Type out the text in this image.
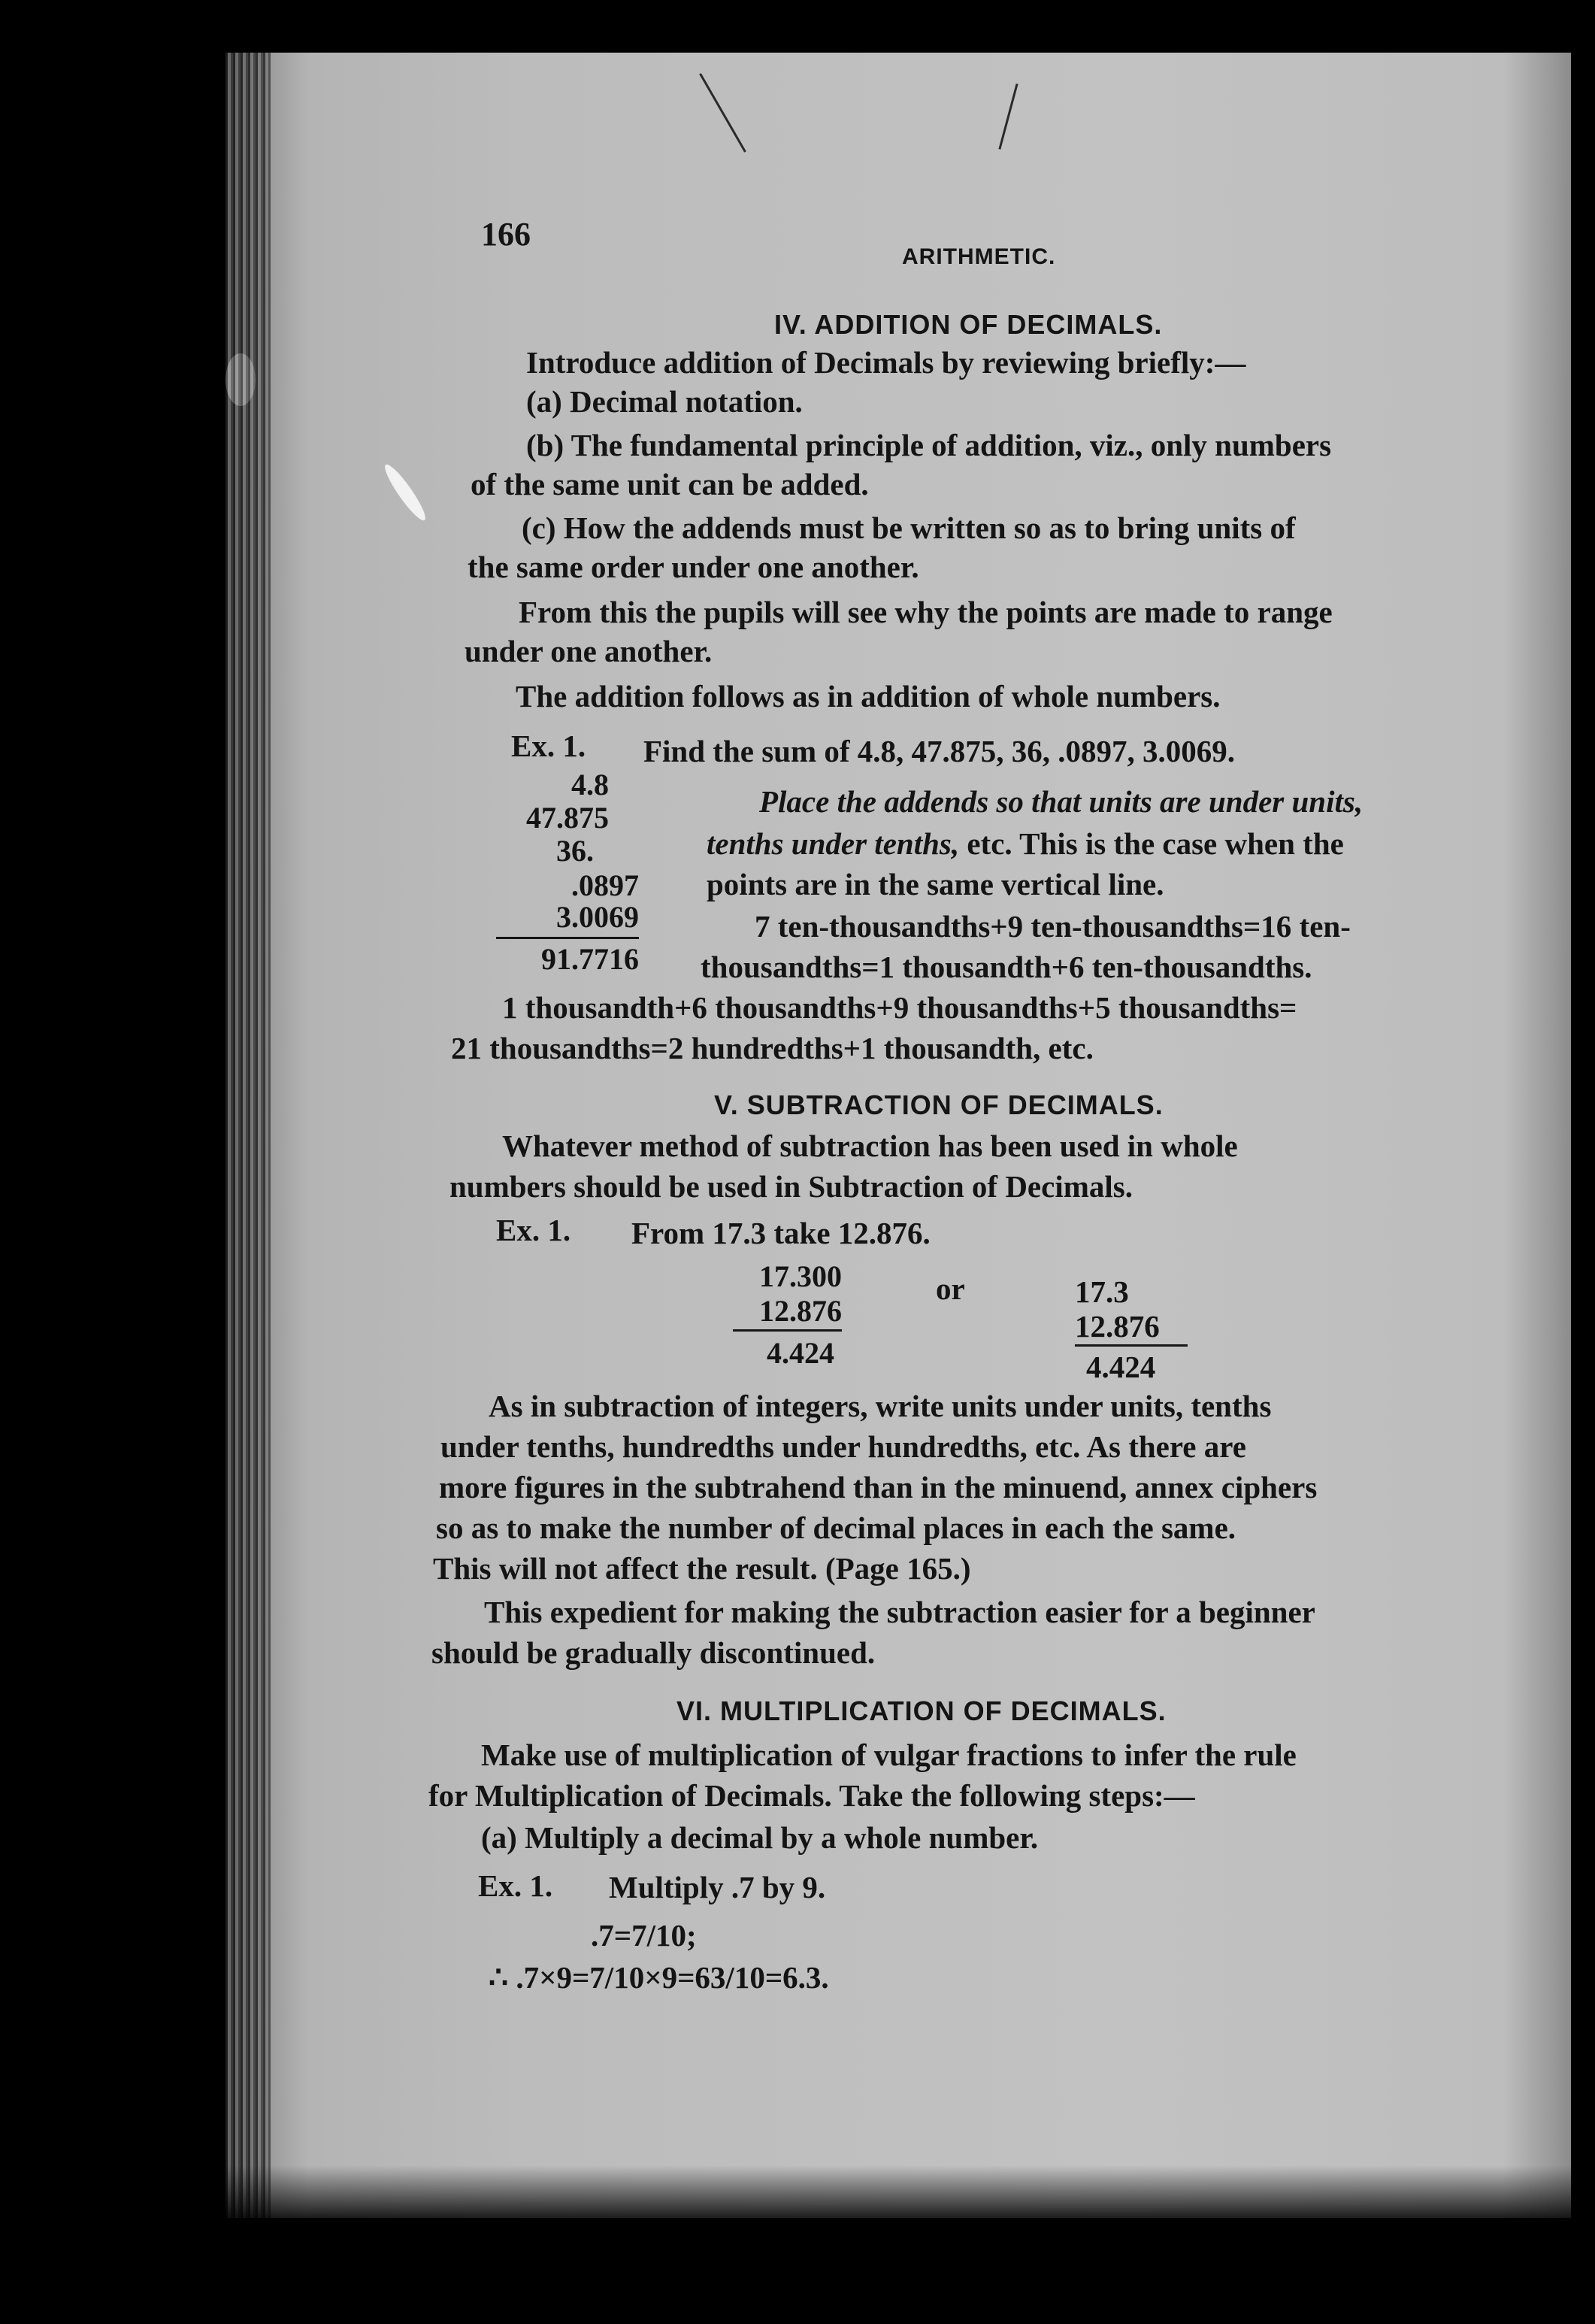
166
ARITHMETIC.
IV. ADDITION OF DECIMALS.
Introduce addition of Decimals by reviewing briefly:—
(a) Decimal notation.
(b) The fundamental principle of addition, viz., only numbers
of the same unit can be added.
(c) How the addends must be written so as to bring units of
the same order under one another.
From this the pupils will see why the points are made to range
under one another.
The addition follows as in addition of whole numbers.
Ex. 1. Find the sum of 4.8, 47.875, 36, .0897, 3.0069.
4.8
47.875
36.
.0897
3.0069
91.7716
Place the addends so that units are under units,
tenths under tenths, etc. This is the case when the
points are in the same vertical line.
7 ten-thousandths+9 ten-thousandths=16 ten-
thousandths=1 thousandth+6 ten-thousandths.
1 thousandth+6 thousandths+9 thousandths+5 thousandths=
21 thousandths=2 hundredths+1 thousandth, etc.
V. SUBTRACTION OF DECIMALS.
Whatever method of subtraction has been used in whole
numbers should be used in Subtraction of Decimals.
Ex. 1. From 17.3 take 12.876.
17.300
12.876
4.424
or	17.3
12.876
4.424
As in subtraction of integers, write units under units, tenths
under tenths, hundredths under hundredths, etc. As there are
more figures in the subtrahend than in the minuend, annex ciphers
so as to make the number of decimal places in each the same.
This will not affect the result. (Page 165.)
This expedient for making the subtraction easier for a beginner
should be gradually discontinued.
VI. MULTIPLICATION OF DECIMALS.
Make use of multiplication of vulgar fractions to infer the rule
for Multiplication of Decimals. Take the following steps:—
(a) Multiply a decimal by a whole number.
Ex. 1. Multiply .7 by 9.
.7=7/10;
∴ .7×9=7/10×9=63/10=6.3.
